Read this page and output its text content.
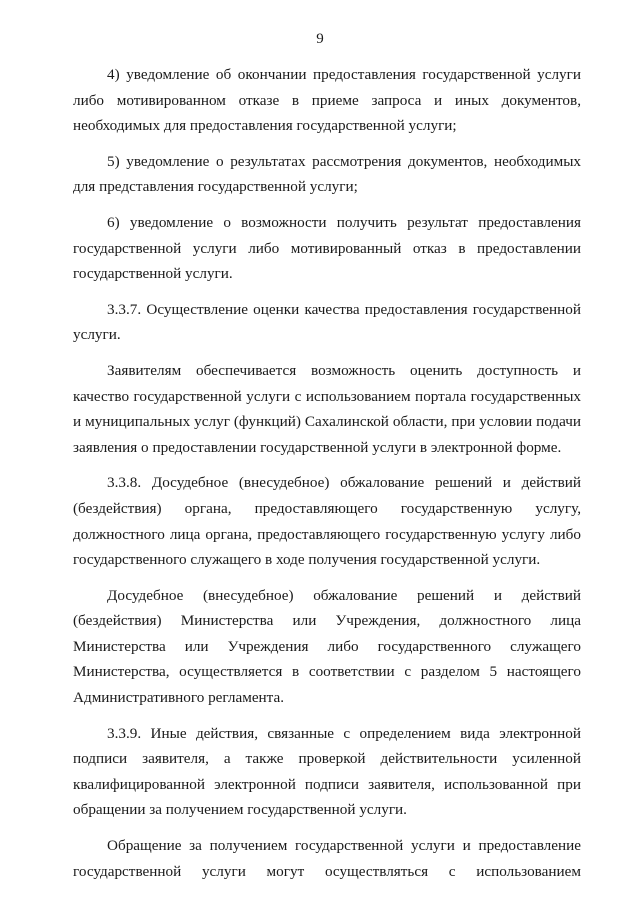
9

4) уведомление об окончании предоставления государственной услуги либо мотивированном отказе в приеме запроса и иных документов, необходимых для предоставления государственной услуги;

5) уведомление о результатах рассмотрения документов, необходимых для представления государственной услуги;

6) уведомление о возможности получить результат предоставления государственной услуги либо мотивированный отказ в предоставлении государственной услуги.

3.3.7. Осуществление оценки качества предоставления государственной услуги.

Заявителям обеспечивается возможность оценить доступность и качество государственной услуги с использованием портала государственных и муниципальных услуг (функций) Сахалинской области, при условии подачи заявления о предоставлении государственной услуги в электронной форме.

3.3.8. Досудебное (внесудебное) обжалование решений и действий (бездействия) органа, предоставляющего государственную услугу, должностного лица органа, предоставляющего государственную услугу либо государственного служащего в ходе получения государственной услуги.

Досудебное (внесудебное) обжалование решений и действий (бездействия) Министерства или Учреждения, должностного лица Министерства или Учреждения либо государственного служащего Министерства, осуществляется в соответствии с разделом 5 настоящего Административного регламента.

3.3.9. Иные действия, связанные с определением вида электронной подписи заявителя, а также проверкой действительности усиленной квалифицированной электронной подписи заявителя, использованной при обращении за получением государственной услуги.

Обращение за получением государственной услуги и предоставление государственной услуги могут осуществляться с использованием
